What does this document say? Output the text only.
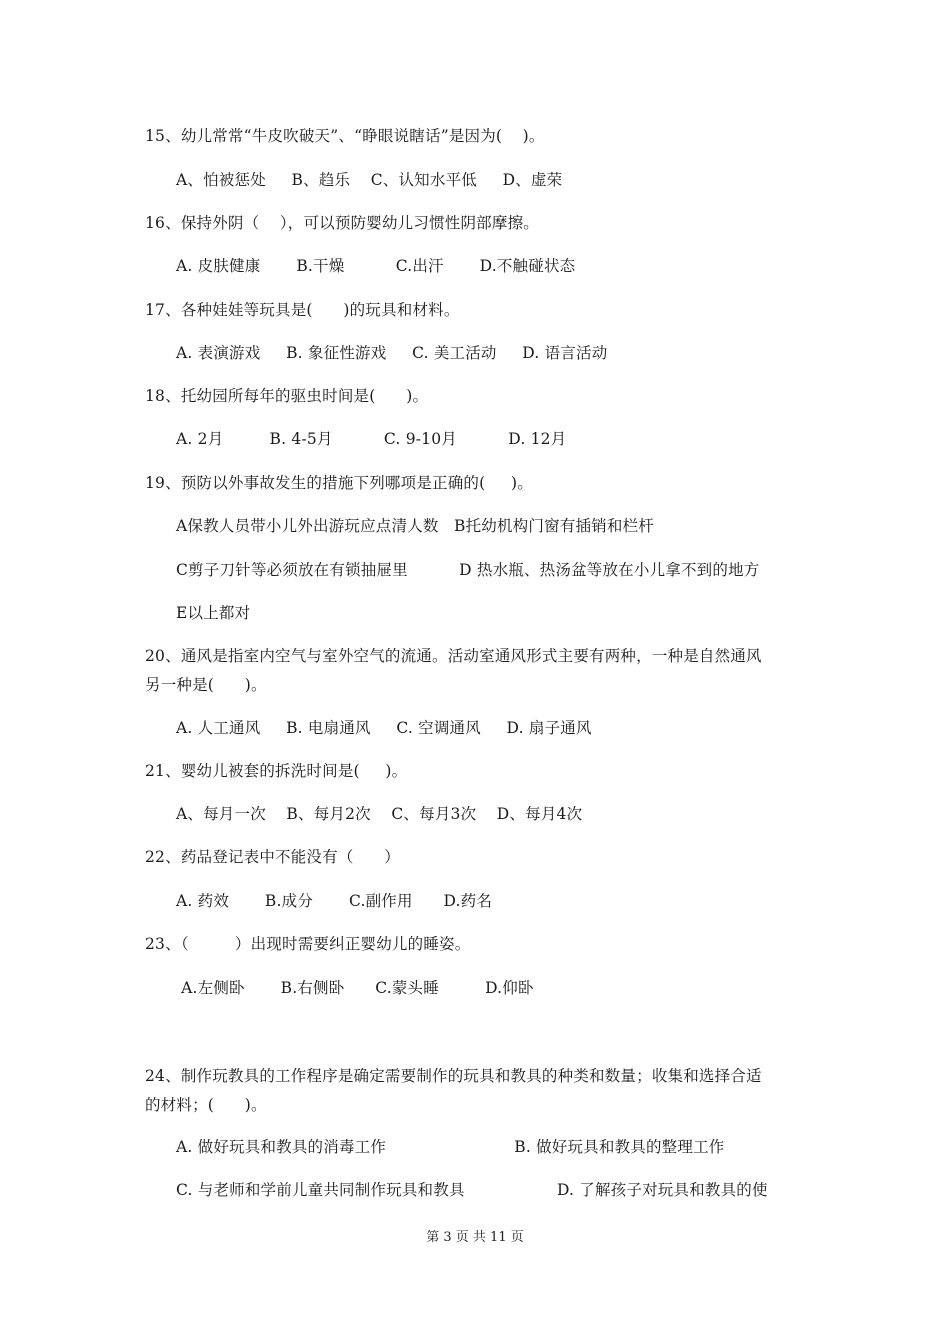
15、幼儿常常“牛皮吹破天”、“睁眼说瞎话”是因为(    )。
A、怕被惩处     B、趋乐    C、认知水平低     D、虚荣
16、保持外阴（    ），可以预防婴幼儿习惯性阴部摩擦。
A. 皮肤健康       B.干燥          C.出汗       D.不触碰状态
17、各种娃娃等玩具是(      )的玩具和材料。
A. 表演游戏     B. 象征性游戏     C. 美工活动     D. 语言活动
18、托幼园所每年的驱虫时间是(      )。
A. 2月         B. 4-5月          C. 9-10月          D. 12月
19、预防以外事故发生的措施下列哪项是正确的(     )。
A保教人员带小儿外出游玩应点清人数   B托幼机构门窗有插销和栏杆
C剪子刀针等必须放在有锁抽屉里          D 热水瓶、热汤盆等放在小儿拿不到的地方
E以上都对
20、通风是指室内空气与室外空气的流通。活动室通风形式主要有两种，一种是自然通风
另一种是(      )。
A. 人工通风     B. 电扇通风     C. 空调通风     D. 扇子通风
21、婴幼儿被套的拆洗时间是(     )。
A、每月一次    B、每月2次    C、每月3次    D、每月4次
22、药品登记表中不能没有（      ）
A. 药效       B.成分       C.副作用      D.药名
23、（         ）出现时需要纠正婴幼儿的睡姿。
A.左侧卧       B.右侧卧      C.蒙头睡         D.仰卧
24、制作玩教具的工作程序是确定需要制作的玩具和教具的种类和数量；收集和选择合适
的材料；(      )。
A. 做好玩具和教具的消毒工作                         B. 做好玩具和教具的整理工作
C. 与老师和学前儿童共同制作玩具和教具                  D. 了解孩子对玩具和教具的使
第 3 页 共 11 页
